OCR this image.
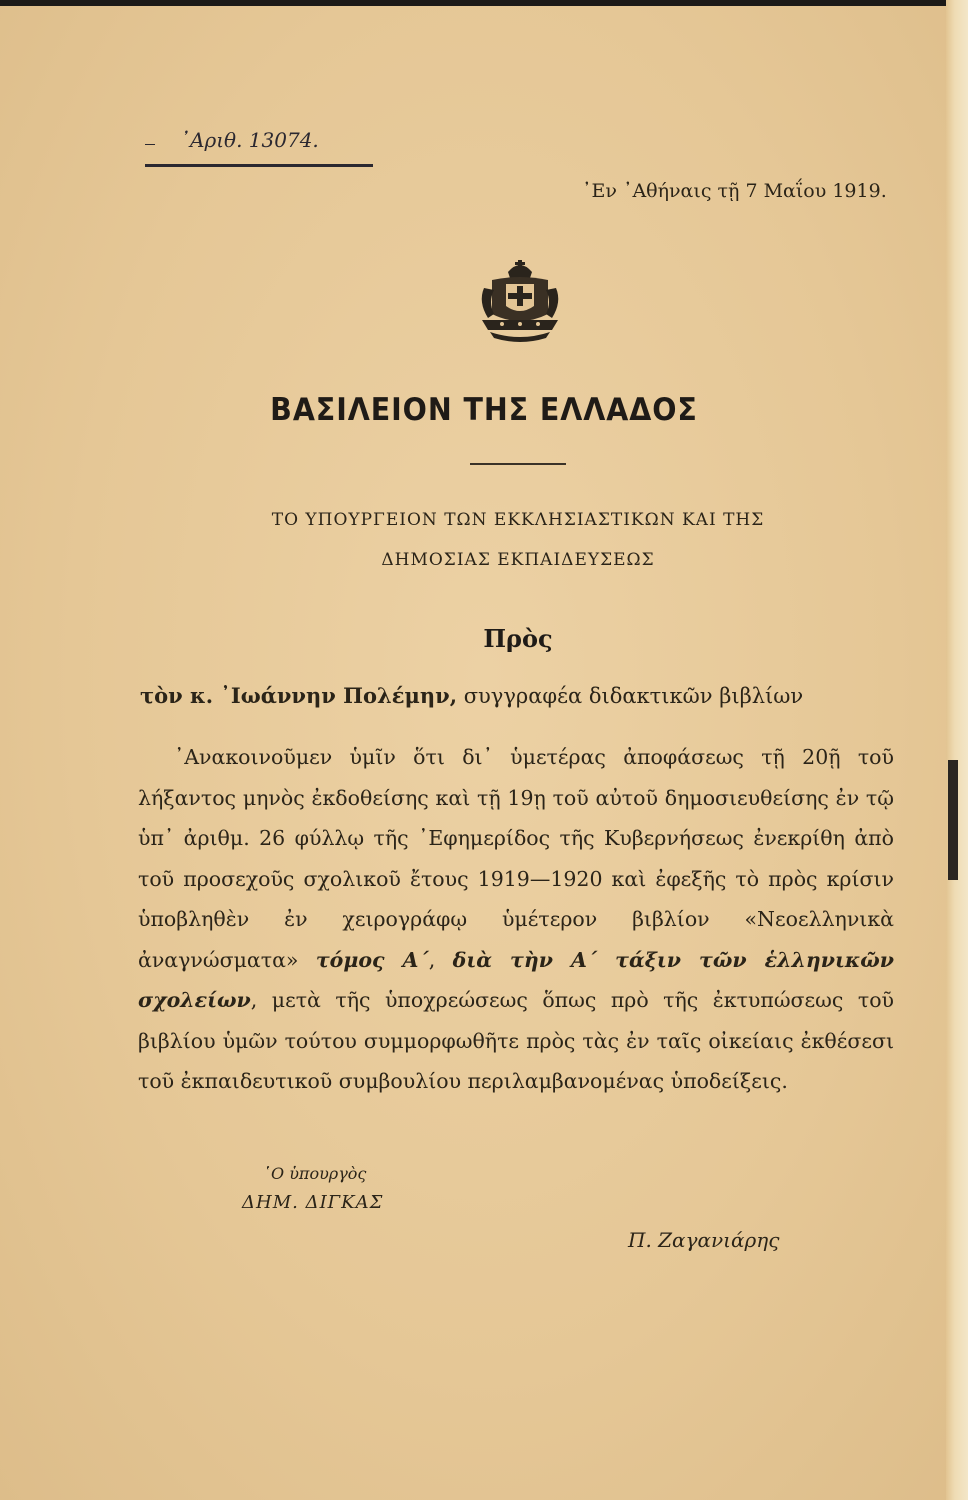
᾿Αριθ. 13074.
᾿Εν ᾿Αθήναις τῇ 7 Μαΐου 1919.
ΒΑΣΙΛΕΙΟΝ ΤΗΣ ΕΛΛΑΔΟΣ
ΤΟ ΥΠΟΥΡΓΕΙΟΝ ΤΩΝ ΕΚΚΛΗΣΙΑΣΤΙΚΩΝ ΚΑΙ ΤΗΣ
ΔΗΜΟΣΙΑΣ ΕΚΠΑΙΔΕΥΣΕΩΣ
Πρὸς
τὸν κ. ᾿Ιωάννην Πολέμην, συγγραφέα διδακτικῶν βιβλίων
᾿Ανακοινοῦμεν ὑμῖν ὅτι δι᾿ ὑμετέρας ἀποφάσεως τῇ 20ῇ τοῦ λήξαντος μηνὸς ἐκδοθείσης καὶ τῇ 19ῃ τοῦ αὐτοῦ δημοσιευθείσης ἐν τῷ ὑπ᾿ ἀριθμ. 26 φύλλῳ τῆς ᾿Εφημερίδος τῆς Κυβερνήσεως ἐνεκρίθη ἀπὸ τοῦ προσεχοῦς σχολικοῦ ἔτους 1919—1920 καὶ ἐφεξῆς τὸ πρὸς κρίσιν ὑποβληθὲν ἐν χειρογράφῳ ὑμέτερον βιβλίον «Νεοελληνικὰ ἀναγνώσματα» τόμος Α´, διὰ τὴν Α´ τάξιν τῶν ἑλληνικῶν σχολείων, μετὰ τῆς ὑποχρεώσεως ὅπως πρὸ τῆς ἐκτυπώσεως τοῦ βιβλίου ὑμῶν τούτου συμμορφωθῆτε πρὸς τὰς ἐν ταῖς οἰκείαις ἐκθέσεσι τοῦ ἐκπαιδευτικοῦ συμβουλίου περιλαμβανομένας ὑποδείξεις.
῾Ο ὑπουργὸς
ΔΗΜ. ΔΙΓΚΑΣ
Π. Ζαγανιάρης
